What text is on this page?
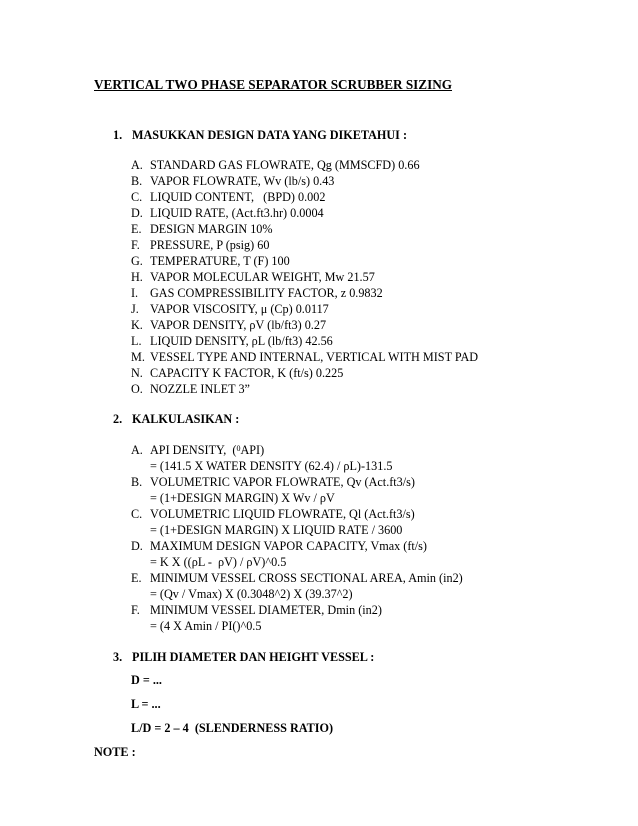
VERTICAL TWO PHASE SEPARATOR SCRUBBER SIZING
1. MASUKKAN DESIGN DATA YANG DIKETAHUI :
A. STANDARD GAS FLOWRATE, Qg (MMSCFD) 0.66
B. VAPOR FLOWRATE, Wv (lb/s) 0.43
C. LIQUID CONTENT,   (BPD) 0.002
D. LIQUID RATE, (Act.ft3.hr) 0.0004
E. DESIGN MARGIN 10%
F. PRESSURE, P (psig) 60
G. TEMPERATURE, T (F) 100
H. VAPOR MOLECULAR WEIGHT, Mw 21.57
I. GAS COMPRESSIBILITY FACTOR, z 0.9832
J. VAPOR VISCOSITY, μ (Cp) 0.0117
K. VAPOR DENSITY, ρV (lb/ft3) 0.27
L. LIQUID DENSITY, ρL (lb/ft3) 42.56
M. VESSEL TYPE AND INTERNAL, VERTICAL WITH MIST PAD
N. CAPACITY K FACTOR, K (ft/s) 0.225
O. NOZZLE INLET 3”
2. KALKULASIKAN :
A. API DENSITY,  ($^0$API)
= (141.5 X WATER DENSITY (62.4) / ρL)-131.5
B. VOLUMETRIC VAPOR FLOWRATE, Qv (Act.ft3/s)
= (1+DESIGN MARGIN) X Wv / ρV
C. VOLUMETRIC LIQUID FLOWRATE, Ql (Act.ft3/s)
= (1+DESIGN MARGIN) X LIQUID RATE / 3600
D. MAXIMUM DESIGN VAPOR CAPACITY, Vmax (ft/s)
= K X ((ρL -  ρV) / ρV)^0.5
E. MINIMUM VESSEL CROSS SECTIONAL AREA, Amin (in2)
= (Qv / Vmax) X (0.3048^2) X (39.37^2)
F. MINIMUM VESSEL DIAMETER, Dmin (in2)
= (4 X Amin / PI()^0.5
3. PILIH DIAMETER DAN HEIGHT VESSEL :
D = ...
L = ...
L/D = 2 – 4  (SLENDERNESS RATIO)
NOTE :
